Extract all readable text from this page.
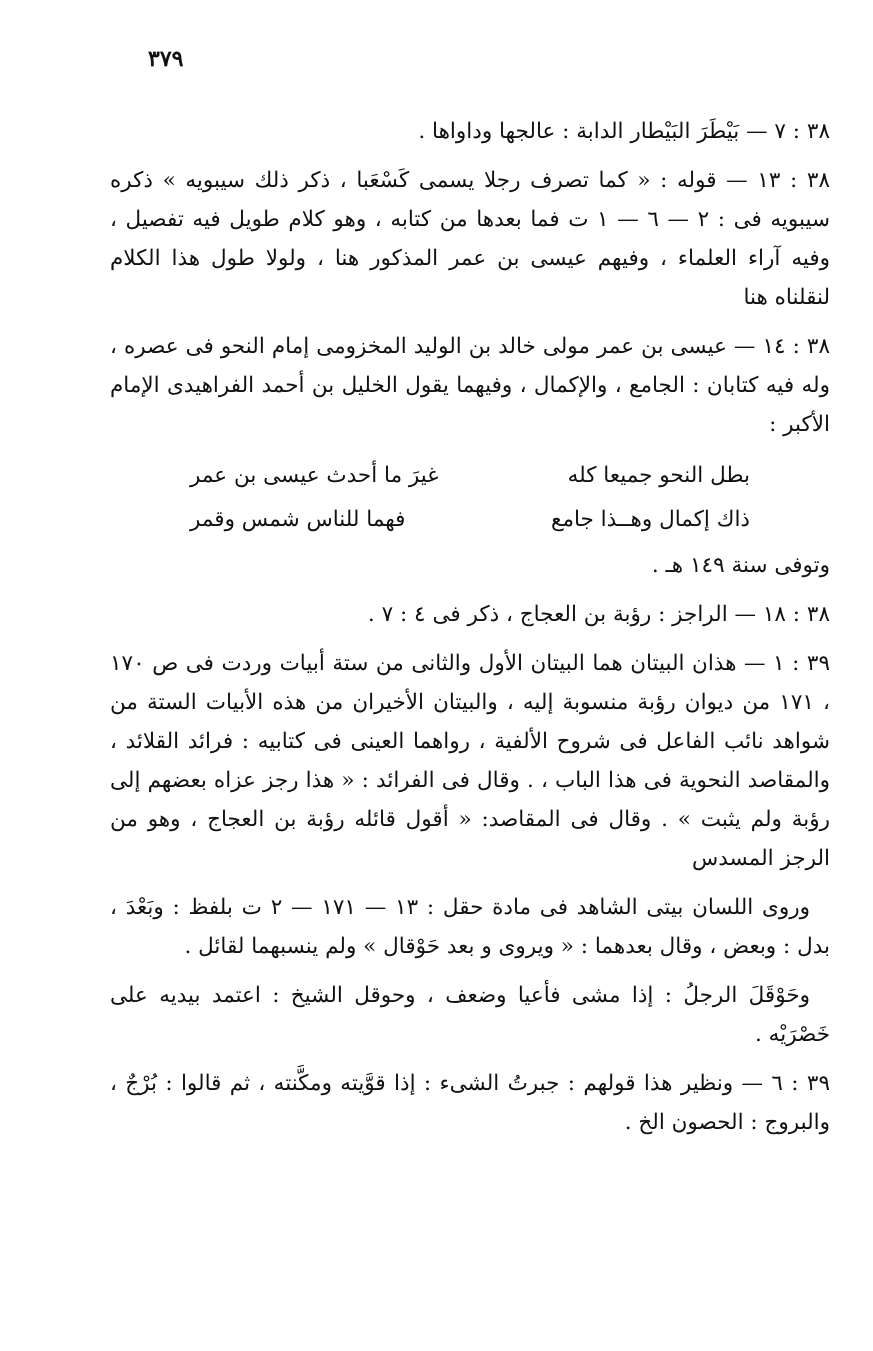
٣٧٩

٣٨ : ٧ — بَيْطَرَ البَيْطار الدابة : عالجها وداواها .

٣٨ : ١٣ — قوله : « كما تصرف رجلا يسمى كَسْعَبا ، ذكر ذلك سيبويه » ذكره سيبويه فى : ٢ — ٦ — ١ ت فما بعدها من كتابه ، وهو كلام طويل فيه تفصيل ، وفيه آراء العلماء ، وفيهم عيسى بن عمر المذكور هنا ، ولولا طول هذا الكلام لنقلناه هنا

٣٨ : ١٤ — عيسى بن عمر مولى خالد بن الوليد المخزومى إمام النحو فى عصره ، وله فيه كتابان : الجامع ، والإكمال ، وفيهما يقول الخليل بن أحمد الفراهيدى الإمام الأكبر :

بطل النحو جميعا كله
غيرَ ما أحدث عيسى بن عمر
ذاك إكمال وهــذا جامع
فهما للناس شمس وقمر

وتوفى سنة ١٤٩ هـ .

٣٨ : ١٨ — الراجز : رؤبة بن العجاج ، ذكر فى ٤ : ٧ .

٣٩ : ١ — هذان البيتان هما البيتان الأول والثانى من ستة أبيات وردت فى ص ١٧٠ ، ١٧١ من ديوان رؤبة منسوبة إليه ، والبيتان الأخيران من هذه الأبيات الستة من شواهد نائب الفاعل فى شروح الألفية ، رواهما العينى فى كتابيه : فرائد القلائد ، والمقاصد النحوية فى هذا الباب ، . وقال فى الفرائد : « هذا رجز عزاه بعضهم إلى رؤبة ولم يثبت » . وقال فى المقاصد: « أقول قائله رؤبة بن العجاج ، وهو من الرجز المسدس

وروى اللسان بيتى الشاهد فى مادة حقل : ١٣ — ١٧١ — ٢ ت بلفظ : وبَعْدَ ، بدل : وبعض ، وقال بعدهما : « ويروى و بعد حَوْقال » ولم ينسبهما لقائل .

وحَوْقَلَ الرجلُ : إذا مشى فأعيا وضعف ، وحوقل الشيخ : اعتمد بيديه على خَصْرَيْه .

٣٩ : ٦ — ونظير هذا قولهم : جبرتُ الشىء : إذا قوَّيته ومكَّنته ، ثم قالوا : بُرْجٌ ، والبروج : الحصون الخ .
